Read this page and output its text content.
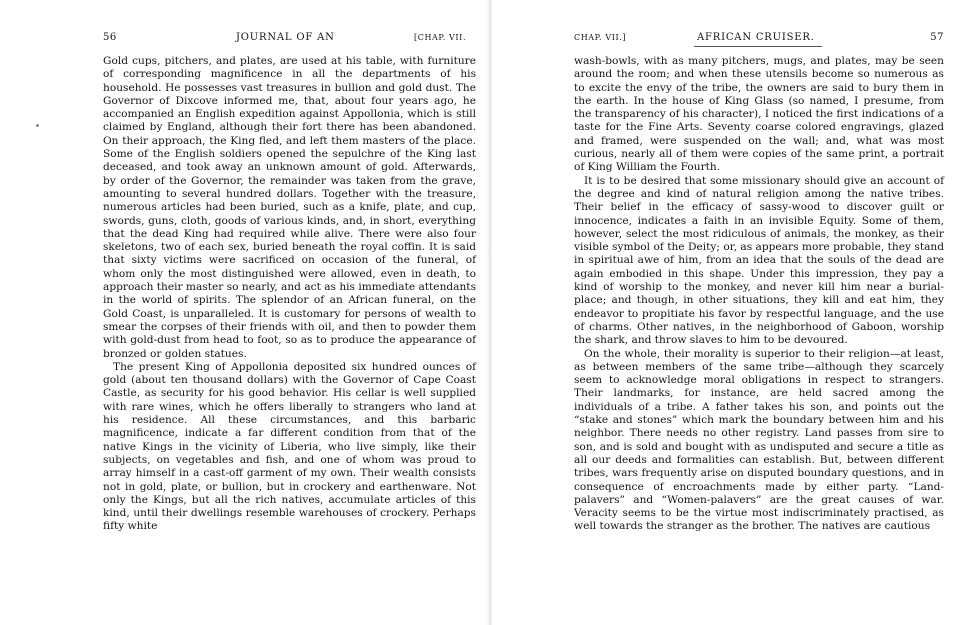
56	JOURNAL OF AN	[CHAP. VII.

Gold cups, pitchers, and plates, are used at his table, with furniture of corresponding magnificence in all the departments of his household. He possesses vast treasures in bullion and gold dust. The Governor of Dixcove informed me, that, about four years ago, he accompanied an English expedition against Appollonia, which is still claimed by England, although their fort there has been abandoned. On their approach, the King fled, and left them masters of the place. Some of the English soldiers opened the sepulchre of the King last deceased, and took away an unknown amount of gold. Afterwards, by order of the Governor, the remainder was taken from the grave, amounting to several hundred dollars. Together with the treasure, numerous articles had been buried, such as a knife, plate, and cup, swords, guns, cloth, goods of various kinds, and, in short, everything that the dead King had required while alive. There were also four skeletons, two of each sex, buried beneath the royal coffin. It is said that sixty victims were sacrificed on occasion of the funeral, of whom only the most distinguished were allowed, even in death, to approach their master so nearly, and act as his immediate attendants in the world of spirits. The splendor of an African funeral, on the Gold Coast, is unparalleled. It is customary for persons of wealth to smear the corpses of their friends with oil, and then to powder them with gold-dust from head to foot, so as to produce the appearance of bronzed or golden statues.

The present King of Appollonia deposited six hundred ounces of gold (about ten thousand dollars) with the Governor of Cape Coast Castle, as security for his good behavior. His cellar is well supplied with rare wines, which he offers liberally to strangers who land at his residence. All these circumstances, and this barbaric magnificence, indicate a far different condition from that of the native Kings in the vicinity of Liberia, who live simply, like their subjects, on vegetables and fish, and one of whom was proud to array himself in a cast-off garment of my own. Their wealth consists not in gold, plate, or bullion, but in crockery and earthenware. Not only the Kings, but all the rich natives, accumulate articles of this kind, until their dwellings resemble warehouses of crockery. Perhaps fifty white

CHAP. VII.]	AFRICAN CRUISER.	57

wash-bowls, with as many pitchers, mugs, and plates, may be seen around the room; and when these utensils become so numerous as to excite the envy of the tribe, the owners are said to bury them in the earth. In the house of King Glass (so named, I presume, from the transparency of his character), I noticed the first indications of a taste for the Fine Arts. Seventy coarse colored engravings, glazed and framed, were suspended on the wall; and, what was most curious, nearly all of them were copies of the same print, a portrait of King William the Fourth.

It is to be desired that some missionary should give an account of the degree and kind of natural religion among the native tribes. Their belief in the efficacy of sassy-wood to discover guilt or innocence, indicates a faith in an invisible Equity. Some of them, however, select the most ridiculous of animals, the monkey, as their visible symbol of the Deity; or, as appears more probable, they stand in spiritual awe of him, from an idea that the souls of the dead are again embodied in this shape. Under this impression, they pay a kind of worship to the monkey, and never kill him near a burial-place; and though, in other situations, they kill and eat him, they endeavor to propitiate his favor by respectful language, and the use of charms. Other natives, in the neighborhood of Gaboon, worship the shark, and throw slaves to him to be devoured.

On the whole, their morality is superior to their religion—at least, as between members of the same tribe—although they scarcely seem to acknowledge moral obligations in respect to strangers. Their landmarks, for instance, are held sacred among the individuals of a tribe. A father takes his son, and points out the “stake and stones” which mark the boundary between him and his neighbor. There needs no other registry. Land passes from sire to son, and is sold and bought with as undisputed and secure a title as all our deeds and formalities can establish. But, between different tribes, wars frequently arise on disputed boundary questions, and in consequence of encroachments made by either party. “Land-palavers” and “Women-palavers” are the great causes of war. Veracity seems to be the virtue most indiscriminately practised, as well towards the stranger as the brother. The natives are cautious
